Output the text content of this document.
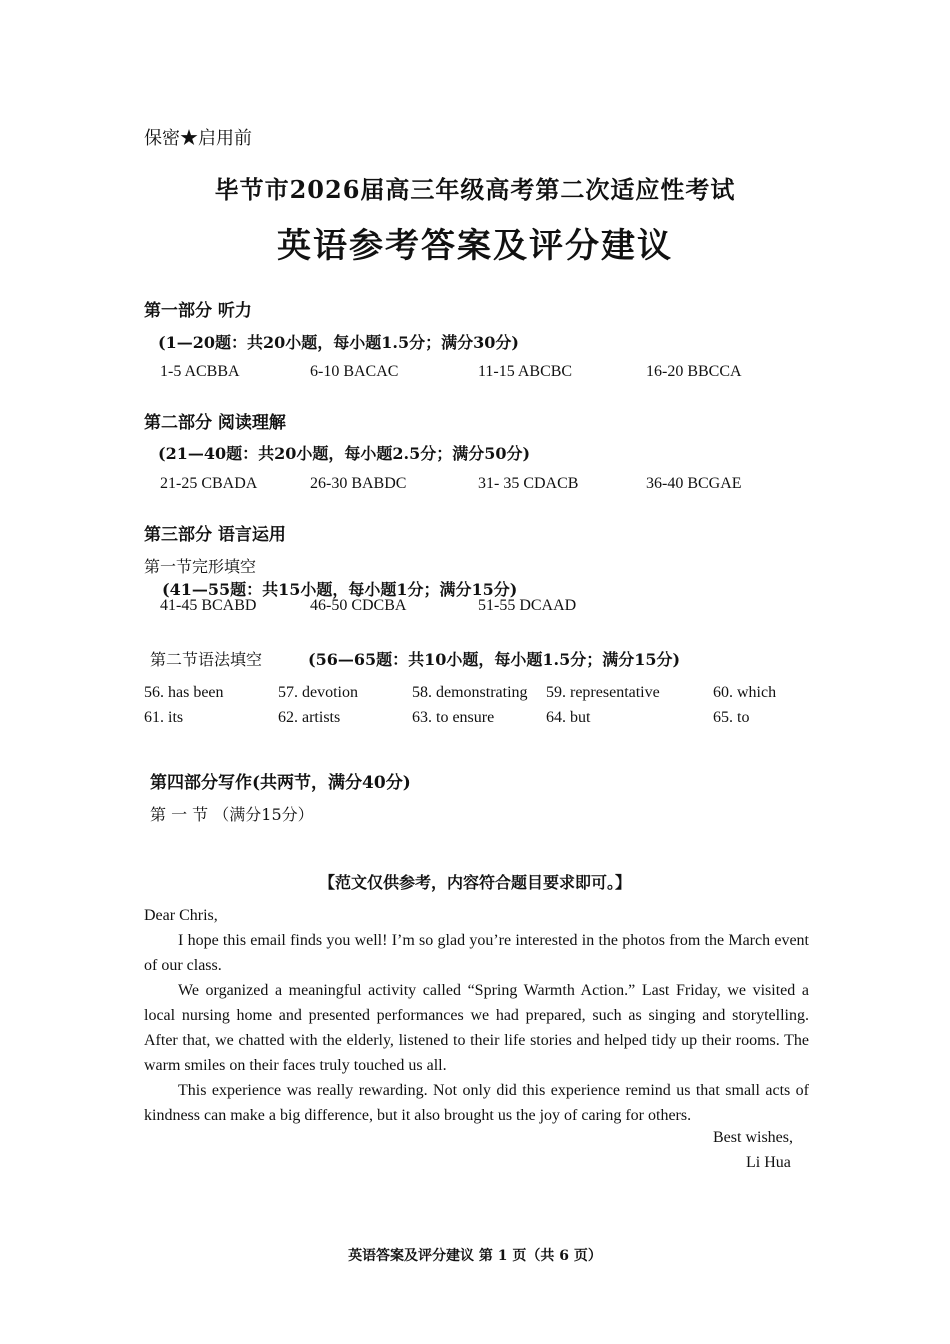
保密★启用前
毕节市2026届高三年级高考第二次适应性考试
英语参考答案及评分建议
第一部分 听力
(1—20题：共20小题，每小题1.5分；满分30分)
1-5 ACBBA	6-10 BACAC	11-15 ABCBC	16-20 BBCCA
第二部分 阅读理解
(21—40题：共20小题，每小题2.5分；满分50分)
21-25 CBADA	26-30 BABDC	31- 35 CDACB	36-40 BCGAE
第三部分 语言运用
第一节完形填空
(41—55题：共15小题，每小题1分；满分15分)
41-45 BCABD	46-50 CDCBA	51-55 DCAAD
第二节语法填空	(56—65题：共10小题，每小题1.5分；满分15分)
56. has been	57. devotion	58. demonstrating 59. representative	60. which
61. its	62. artists	63. to ensure	64. but	65. to
第四部分写作(共两节，满分40分)
第 一 节 （满分15分）
【范文仅供参考，内容符合题目要求即可。】

Dear Chris,

I hope this email finds you well! I’m so glad you’re interested in the photos from the March event of our class.

We organized a meaningful activity called “Spring Warmth Action.” Last Friday, we visited a local nursing home and presented performances we had prepared, such as singing and storytelling. After that, we chatted with the elderly, listened to their life stories and helped tidy up their rooms. The warm smiles on their faces truly touched us all.

This experience was really rewarding. Not only did this experience remind us that small acts of kindness can make a big difference, but it also brought us the joy of caring for others.

Best wishes,
Li Hua
英语答案及评分建议 第 1 页（共 6 页）
